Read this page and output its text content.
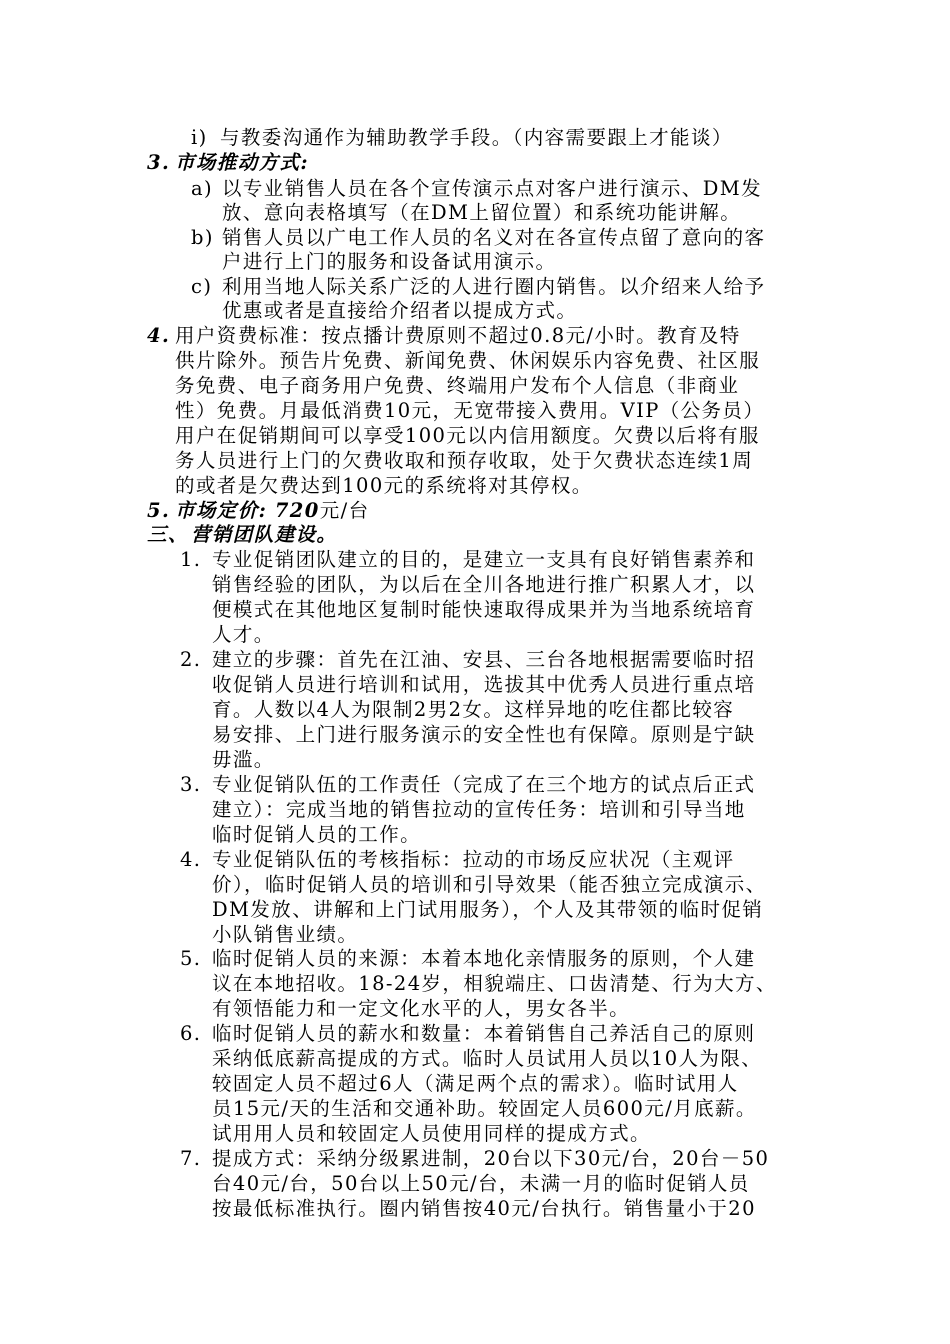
i) 与教委沟通作为辅助教学手段。（内容需要跟上才能谈）
3. 市场推动方式:
a) 以专业销售人员在各个宣传演示点对客户进行演示、DM发
放、意向表格填写（在DM上留位置）和系统功能讲解。
b) 销售人员以广电工作人员的名义对在各宣传点留了意向的客
户进行上门的服务和设备试用演示。
c) 利用当地人际关系广泛的人进行圈内销售。以介绍来人给予
优惠或者是直接给介绍者以提成方式。
4. 用户资费标准：按点播计费原则不超过0.8元/小时。教育及特
供片除外。预告片免费、新闻免费、休闲娱乐内容免费、社区服
务免费、电子商务用户免费、终端用户发布个人信息（非商业
性）免费。月最低消费10元，无宽带接入费用。VIP（公务员）
用户在促销期间可以享受100元以内信用额度。欠费以后将有服
务人员进行上门的欠费收取和预存收取，处于欠费状态连续1周
的或者是欠费达到100元的系统将对其停权。
5. 市场定价: 720元/台
三、 营销团队建设。
1. 专业促销团队建立的目的，是建立一支具有良好销售素养和
销售经验的团队，为以后在全川各地进行推广积累人才，以
便模式在其他地区复制时能快速取得成果并为当地系统培育
人才。
2. 建立的步骤：首先在江油、安县、三台各地根据需要临时招
收促销人员进行培训和试用，选拔其中优秀人员进行重点培
育。人数以4人为限制2男2女。这样异地的吃住都比较容
易安排、上门进行服务演示的安全性也有保障。原则是宁缺
毋滥。
3. 专业促销队伍的工作责任（完成了在三个地方的试点后正式
建立）：完成当地的销售拉动的宣传任务：培训和引导当地
临时促销人员的工作。
4. 专业促销队伍的考核指标：拉动的市场反应状况（主观评
价），临时促销人员的培训和引导效果（能否独立完成演示、
DM发放、讲解和上门试用服务），个人及其带领的临时促销
小队销售业绩。
5. 临时促销人员的来源：本着本地化亲情服务的原则，个人建
议在本地招收。18-24岁，相貌端庄、口齿清楚、行为大方、
有领悟能力和一定文化水平的人，男女各半。
6. 临时促销人员的薪水和数量：本着销售自己养活自己的原则
采纳低底薪高提成的方式。临时人员试用人员以10人为限、
较固定人员不超过6人（满足两个点的需求）。临时试用人
员15元/天的生活和交通补助。较固定人员600元/月底薪。
试用用人员和较固定人员使用同样的提成方式。
7. 提成方式：采纳分级累进制，20台以下30元/台，20台－50
台40元/台，50台以上50元/台，未满一月的临时促销人员
按最低标准执行。圈内销售按40元/台执行。销售量小于20
